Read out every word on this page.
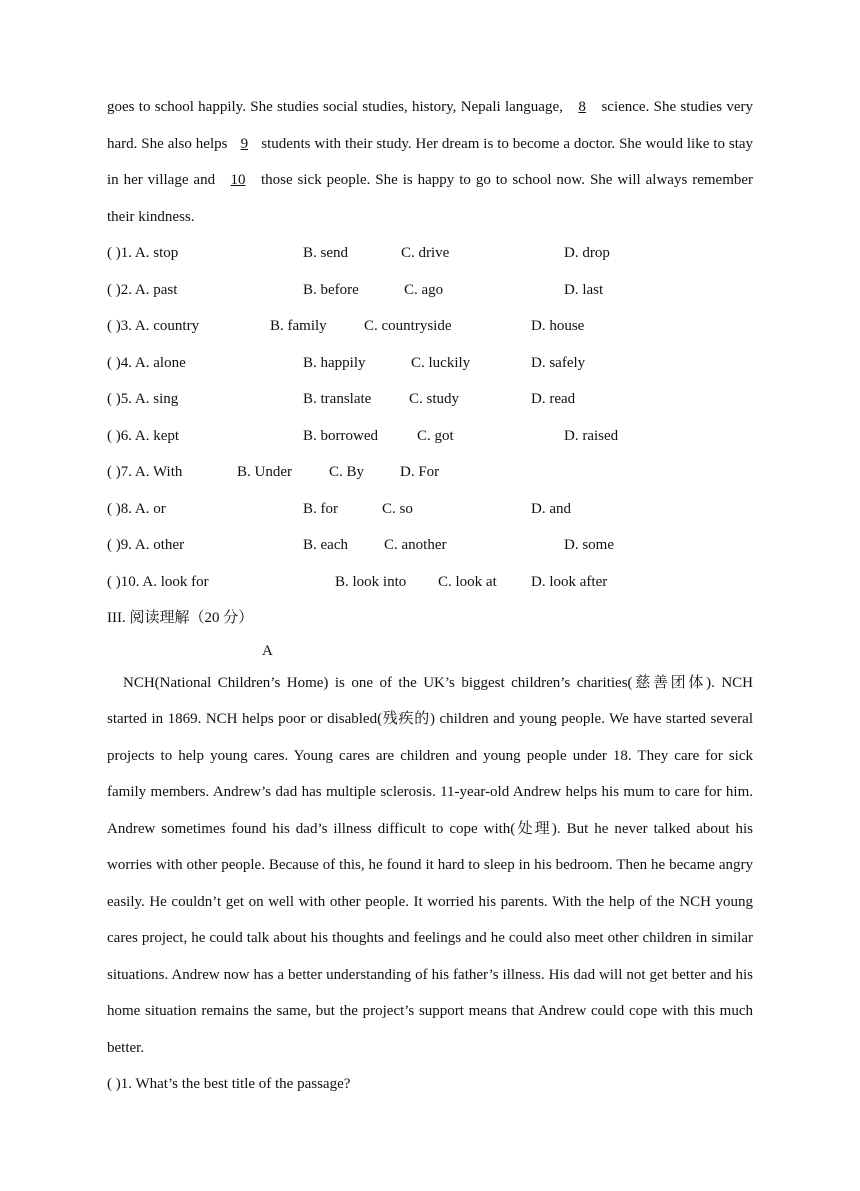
goes to school happily. She studies social studies, history, Nepali language, 8 science. She studies very hard. She also helps 9 students with their study. Her dream is to become a doctor. She would like to stay in her village and 10 those sick people. She is happy to go to school now. She will always remember their kindness.

( )1. A. stop	B. send	C. drive	D. drop
( )2. A. past	B. before	C. ago	D. last
( )3. A. country	B. family C. countryside	D. house
( )4. A. alone	B. happily	C. luckily	D. safely
( )5. A. sing	B. translate	C. study	D. read
( )6. A. kept	B. borrowed	C. got	D. raised
( )7. A. With	B. Under C. By D. For
( )8. A. or	B. for	C. so	D. and
( )9. A. other	B. each C. another	D. some
( )10. A. look for	B. look into C. look at D. look after
III. 阅读理解（20 分）
A

NCH(National Children’s Home) is one of the UK’s biggest children’s charities(慈善团体). NCH started in 1869. NCH helps poor or disabled(残疾的) children and young people. We have started several projects to help young cares. Young cares are children and young people under 18. They care for sick family members. Andrew’s dad has multiple sclerosis. 11-year-old Andrew helps his mum to care for him. Andrew sometimes found his dad’s illness difficult to cope with(处理). But he never talked about his worries with other people. Because of this, he found it hard to sleep in his bedroom. Then he became angry easily. He couldn’t get on well with other people. It worried his parents. With the help of the NCH young cares project, he could talk about his thoughts and feelings and he could also meet other children in similar situations. Andrew now has a better understanding of his father’s illness. His dad will not get better and his home situation remains the same, but the project’s support means that Andrew could cope with this much better.

( )1. What’s the best title of the passage?
